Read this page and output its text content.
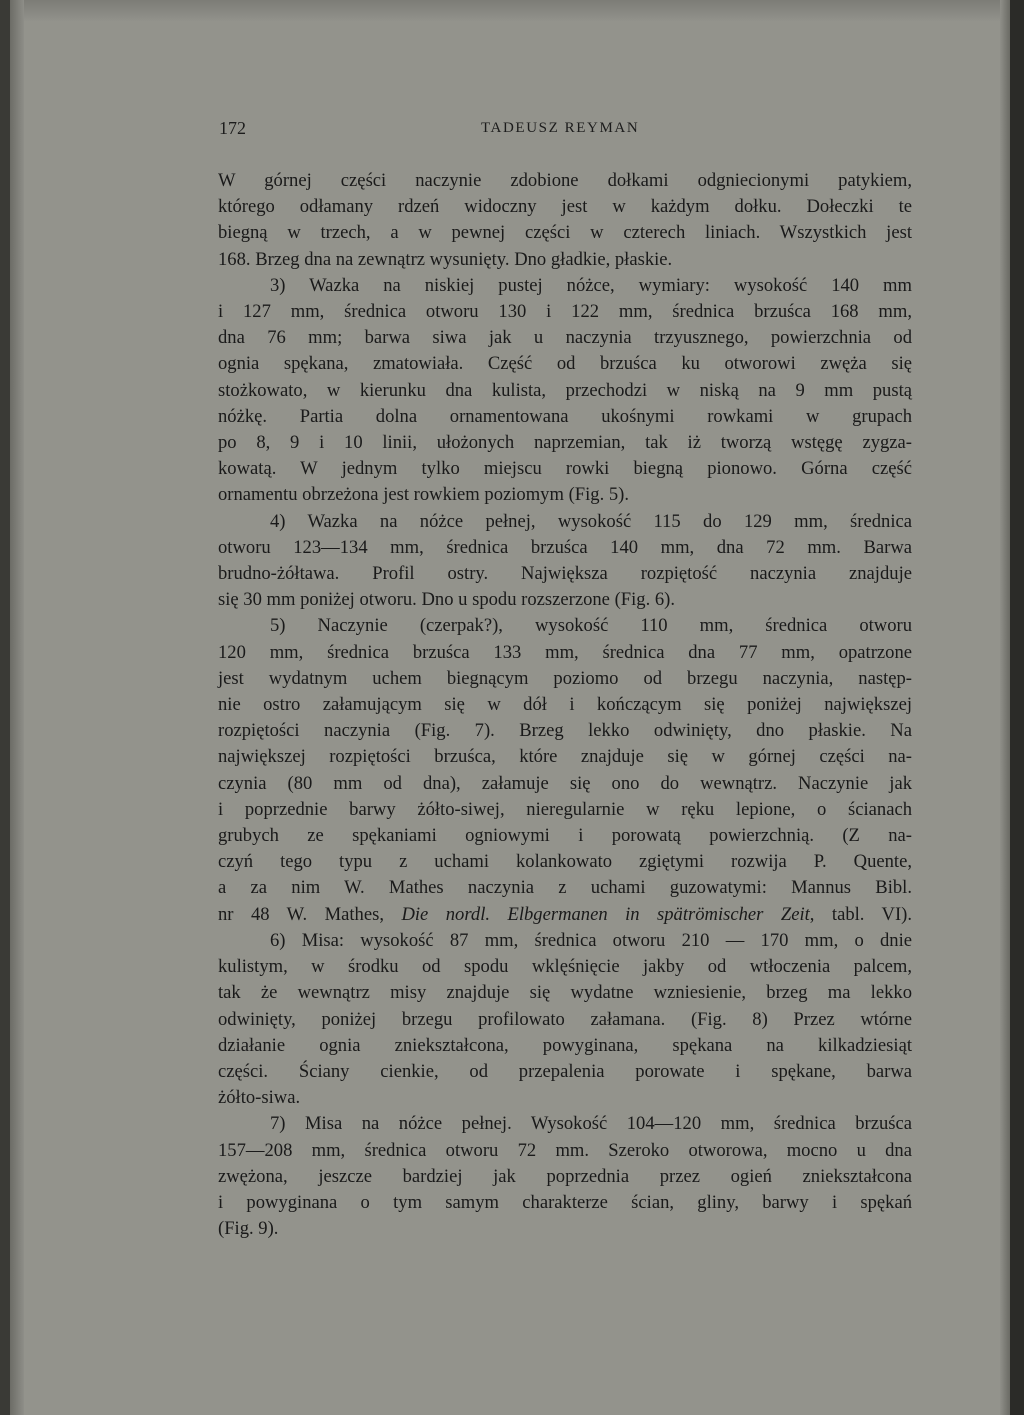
172	TADEUSZ REYMAN
W górnej części naczynie zdobione dołkami odgniecionymi patykiem,
którego odłamany rdzeń widoczny jest w każdym dołku. Dołeczki te
biegną w trzech, a w pewnej części w czterech liniach. Wszystkich jest
168. Brzeg dna na zewnątrz wysunięty. Dno gładkie, płaskie.
3) Wazka na niskiej pustej nóżce, wymiary: wysokość 140 mm
i 127 mm, średnica otworu 130 i 122 mm, średnica brzuśca 168 mm,
dna 76 mm; barwa siwa jak u naczynia trzyusznego, powierzchnia od
ognia spękana, zmatowiała. Część od brzuśca ku otworowi zwęża się
stożkowato, w kierunku dna kulista, przechodzi w niską na 9 mm pustą
nóżkę. Partia dolna ornamentowana ukośnymi rowkami w grupach
po 8, 9 i 10 linii, ułożonych naprzemian, tak iż tworzą wstęgę zygza-
kowatą. W jednym tylko miejscu rowki biegną pionowo. Górna część
ornamentu obrzeżona jest rowkiem poziomym (Fig. 5).
4) Wazka na nóżce pełnej, wysokość 115 do 129 mm, średnica
otworu 123—134 mm, średnica brzuśca 140 mm, dna 72 mm. Barwa
brudno-żółtawa. Profil ostry. Największa rozpiętość naczynia znajduje
się 30 mm poniżej otworu. Dno u spodu rozszerzone (Fig. 6).
5) Naczynie (czerpak?), wysokość 110 mm, średnica otworu
120 mm, średnica brzuśca 133 mm, średnica dna 77 mm, opatrzone
jest wydatnym uchem biegnącym poziomo od brzegu naczynia, następ-
nie ostro załamującym się w dół i kończącym się poniżej największej
rozpiętości naczynia (Fig. 7). Brzeg lekko odwinięty, dno płaskie. Na
największej rozpiętości brzuśca, które znajduje się w górnej części na-
czynia (80 mm od dna), załamuje się ono do wewnątrz. Naczynie jak
i poprzednie barwy żółto-siwej, nieregularnie w ręku lepione, o ścianach
grubych ze spękaniami ogniowymi i porowatą powierzchnią. (Z na-
czyń tego typu z uchami kolankowato zgiętymi rozwija P. Quente,
a za nim W. Mathes naczynia z uchami guzowatymi: Mannus Bibl.
nr 48 W. Mathes, Die nordl. Elbgermanen in spätrömischer Zeit, tabl. VI).
6) Misa: wysokość 87 mm, średnica otworu 210 — 170 mm, o dnie
kulistym, w środku od spodu wklęśnięcie jakby od wtłoczenia palcem,
tak że wewnątrz misy znajduje się wydatne wzniesienie, brzeg ma lekko
odwinięty, poniżej brzegu profilowato załamana. (Fig. 8) Przez wtórne
działanie ognia zniekształcona, powyginana, spękana na kilkadziesiąt
części. Ściany cienkie, od przepalenia porowate i spękane, barwa
żółto-siwa.
7) Misa na nóżce pełnej. Wysokość 104—120 mm, średnica brzuśca
157—208 mm, średnica otworu 72 mm. Szeroko otworowa, mocno u dna
zwężona, jeszcze bardziej jak poprzednia przez ogień zniekształcona
i powyginana o tym samym charakterze ścian, gliny, barwy i spękań
(Fig. 9).
